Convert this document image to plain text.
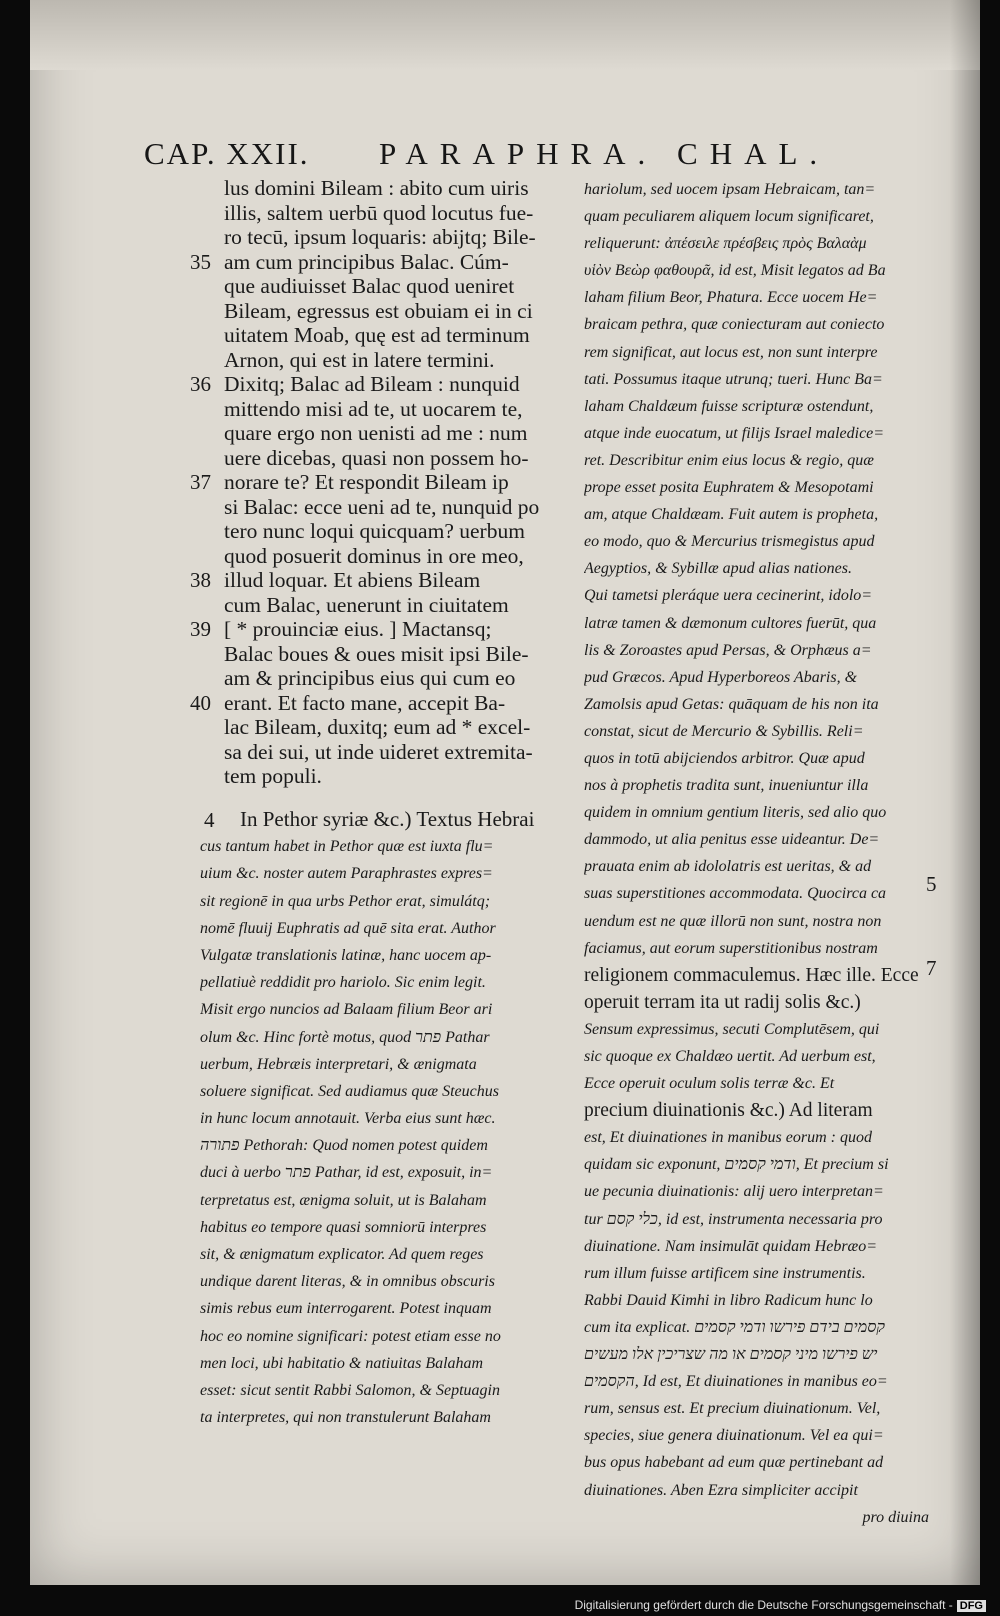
CAP. XXII. PARAPHRA. CHAL.
lus domini Bileam : abito cum uiris
illis, saltem uerbū quod locutus fue-
ro tecū, ipsum loquaris: abijtq; Bile-
35 am cum principibus Balac. Cúm-
que audiuisset Balac quod ueniret
Bileam, egressus est obuiam ei in ci
uitatem Moab, quę est ad terminum
Arnon, qui est in latere termini.
36 Dixitq; Balac ad Bileam : nunquid
mittendo misi ad te, ut uocarem te,
quare ergo non uenisti ad me : num
uere dicebas, quasi non possem ho-
37 norare te? Et respondit Bileam ip
si Balac: ecce ueni ad te, nunquid po
tero nunc loqui quicquam? uerbum
quod posuerit dominus in ore meo,
38 illud loquar. Et abiens Bileam
cum Balac, uenerunt in ciuitatem
39 [ * prouinciæ eius. ] Mactansq;
Balac boues & oues misit ipsi Bile-
am & principibus eius qui cum eo
40 erant. Et facto mane, accepit Ba-
lac Bileam, duxitq; eum ad * excel-
sa dei sui, ut inde uideret extremita-
tem populi.
In Pethor syriæ &c.) Textus Hebrai
cus tantum habet in Pethor quæ est iuxta flu=
uium &c. noster autem Paraphrastes expres=
sit regionē in qua urbs Pethor erat, simulátq;
nomē fluuij Euphratis ad quē sita erat. Author
Vulgatæ translationis latinæ, hanc uocem ap-
pellatiuè reddidit pro hariolo. Sic enim legit.
Misit ergo nuncios ad Balaam filium Beor ari
olum &c. Hinc fortè motus, quod פתר Pathar
uerbum, Hebræis interpretari, & ænigmata
soluere significat. Sed audiamus quæ Steuchus
in hunc locum annotauit. Verba eius sunt hæc.
פתורה Pethorah: Quod nomen potest quidem
duci à uerbo פתר Pathar, id est, exposuit, in=
terpretatus est, ænigma soluit, ut is Balaham
habitus eo tempore quasi somniorū interpres
sit, & ænigmatum explicator. Ad quem reges
undique darent literas, & in omnibus obscuris
simis rebus eum interrogarent. Potest inquam
hoc eo nomine significari: potest etiam esse no
men loci, ubi habitatio & natiuitas Balaham
esset: sicut sentit Rabbi Salomon, & Septuagin
ta interpretes, qui non transtulerunt Balaham
4
hariolum, sed uocem ipsam Hebraicam, tan=
quam peculiarem aliquem locum significaret,
reliquerunt: ἀπέσειλε πρέσβεις πρὸς Βαλαὰμ
υἱὸν Βεὼρ φαθουρᾶ, id est, Misit legatos ad Ba
laham filium Beor, Phatura. Ecce uocem He=
braicam pethra, quæ coniecturam aut coniecto
rem significat, aut locus est, non sunt interpre
tati. Possumus itaque utrunq; tueri. Hunc Ba=
laham Chaldæum fuisse scripturæ ostendunt,
atque inde euocatum, ut filijs Israel maledice=
ret. Describitur enim eius locus & regio, quæ
prope esset posita Euphratem & Mesopotami
am, atque Chaldæam. Fuit autem is propheta,
eo modo, quo & Mercurius trismegistus apud
Aegyptios, & Sybillæ apud alias nationes.
Qui tametsi pleráque uera cecinerint, idolo=
latræ tamen & dæmonum cultores fuerūt, qua
lis & Zoroastes apud Persas, & Orphæus a=
pud Græcos. Apud Hyperboreos Abaris, &
Zamolsis apud Getas: quāquam de his non ita
constat, sicut de Mercurio & Sybillis. Reli=
quos in totū abijciendos arbitror. Quæ apud
nos à prophetis tradita sunt, inueniuntur illa
quidem in omnium gentium literis, sed alio quo
dammodo, ut alia penitus esse uideantur. De=
prauata enim ab idololatris est ueritas, & ad
suas superstitiones accommodata. Quocirca ca
uendum est ne quæ illorū non sunt, nostra non
faciamus, aut eorum superstitionibus nostram
religionem commaculemus. Hæc ille. Ecce
operuit terram ita ut radij solis &c.)
Sensum expressimus, secuti Complutēsem, qui
sic quoque ex Chaldæo uertit. Ad uerbum est,
Ecce operuit oculum solis terræ &c. Et
precium diuinationis &c.) Ad literam
est, Et diuinationes in manibus eorum : quod
quidam sic exponunt, ודמי קסמים, Et precium si
ue pecunia diuinationis: alij uero interpretan=
tur כלי קסם, id est, instrumenta necessaria pro
diuinatione. Nam insimulāt quidam Hebræo=
rum illum fuisse artificem sine instrumentis.
Rabbi Dauid Kimhi in libro Radicum hunc lo
cum ita explicat. קסמים בידם פירשו ודמי קסמים
יש פירשו מיני קסמים או מה שצריכין אלו מעשים
הקסמים, Id est, Et diuinationes in manibus eo=
rum, sensus est. Et precium diuinationum. Vel,
species, siue genera diuinationum. Vel ea qui=
bus opus habebant ad eum quæ pertinebant ad
diuinationes. Aben Ezra simpliciter accipit
pro diuina
5
7
Digitalisierung gefördert durch die Deutsche Forschungsgemeinschaft - DFG
